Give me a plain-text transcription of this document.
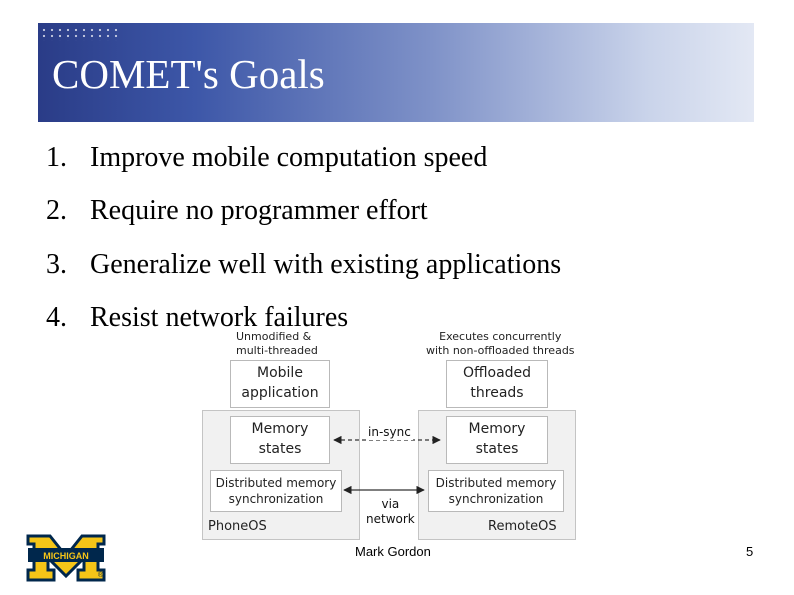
COMET's Goals
1. Improve mobile computation speed
2. Require no programmer effort
3. Generalize well with existing applications
4. Resist network failures
Unmodified &
multi-threaded
Executes concurrently
with non-offloaded threads
Mobile
application
Offloaded
threads
Memory
states
Memory
states
Distributed memory
synchronization
Distributed memory
synchronization
PhoneOS	RemoteOS
in-sync
via
network
MICHIGAN
®
Mark Gordon	5
